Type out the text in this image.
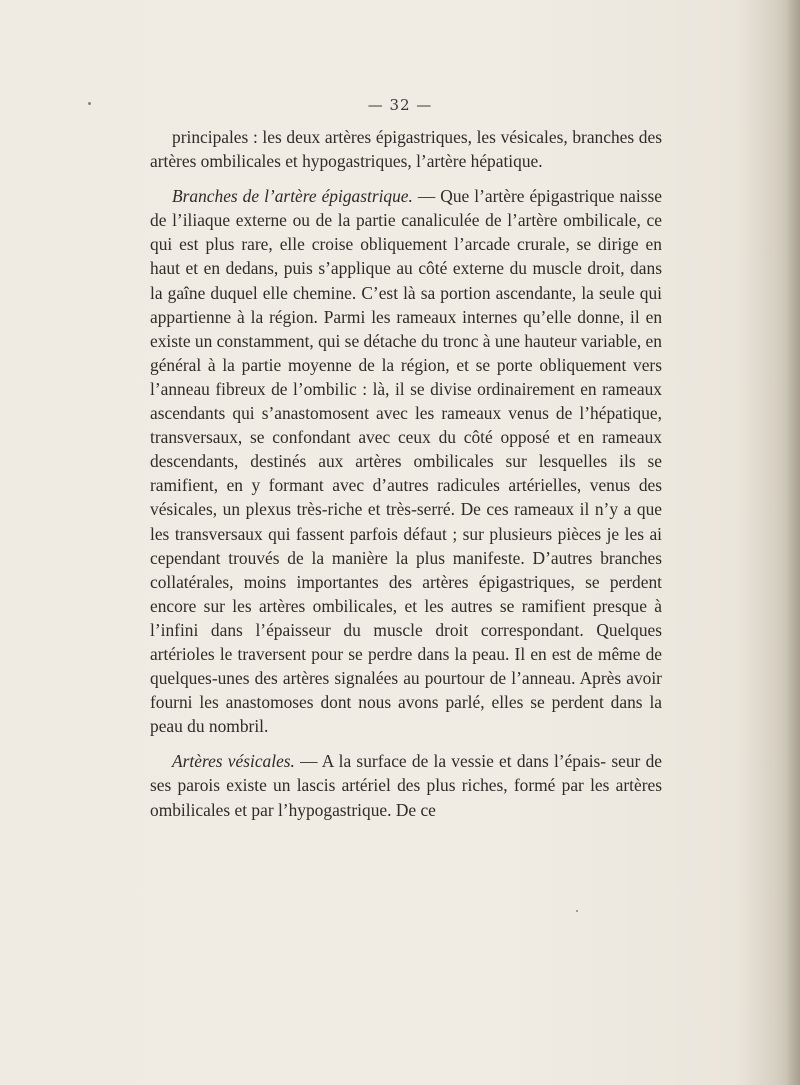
— 32 —

principales : les deux artères épigastriques, les vésicales, branches des artères ombilicales et hypogastriques, l’artère hépatique.

Branches de l’artère épigastrique. — Que l’artère épigastrique naisse de l’iliaque externe ou de la partie canaliculée de l’artère ombilicale, ce qui est plus rare, elle croise obliquement l’arcade crurale, se dirige en haut et en dedans, puis s’applique au côté externe du muscle droit, dans la gaîne duquel elle chemine. C’est là sa portion ascendante, la seule qui appartienne à la région. Parmi les rameaux internes qu’elle donne, il en existe un constamment, qui se détache du tronc à une hauteur variable, en général à la partie moyenne de la région, et se porte obliquement vers l’anneau fibreux de l’ombilic : là, il se divise ordinairement en rameaux ascendants qui s’anastomosent avec les rameaux venus de l’hépatique, transversaux, se confondant avec ceux du côté opposé et en rameaux descendants, destinés aux artères ombilicales sur lesquelles ils se ramifient, en y formant avec d’autres radicules artérielles, venus des vésicales, un plexus très-riche et très-serré. De ces rameaux il n’y a que les transversaux qui fassent parfois défaut ; sur plusieurs pièces je les ai cependant trouvés de la manière la plus manifeste. D’autres branches collatérales, moins importantes des artères épigastriques, se perdent encore sur les artères ombilicales, et les autres se ramifient presque à l’infini dans l’épaisseur du muscle droit correspondant. Quelques artérioles le traversent pour se perdre dans la peau. Il en est de même de quelques-unes des artères signalées au pourtour de l’anneau. Après avoir fourni les anastomoses dont nous avons parlé, elles se perdent dans la peau du nombril.

Artères vésicales. — A la surface de la vessie et dans l’épais- seur de ses parois existe un lascis artériel des plus riches, formé par les artères ombilicales et par l’hypogastrique. De ce
